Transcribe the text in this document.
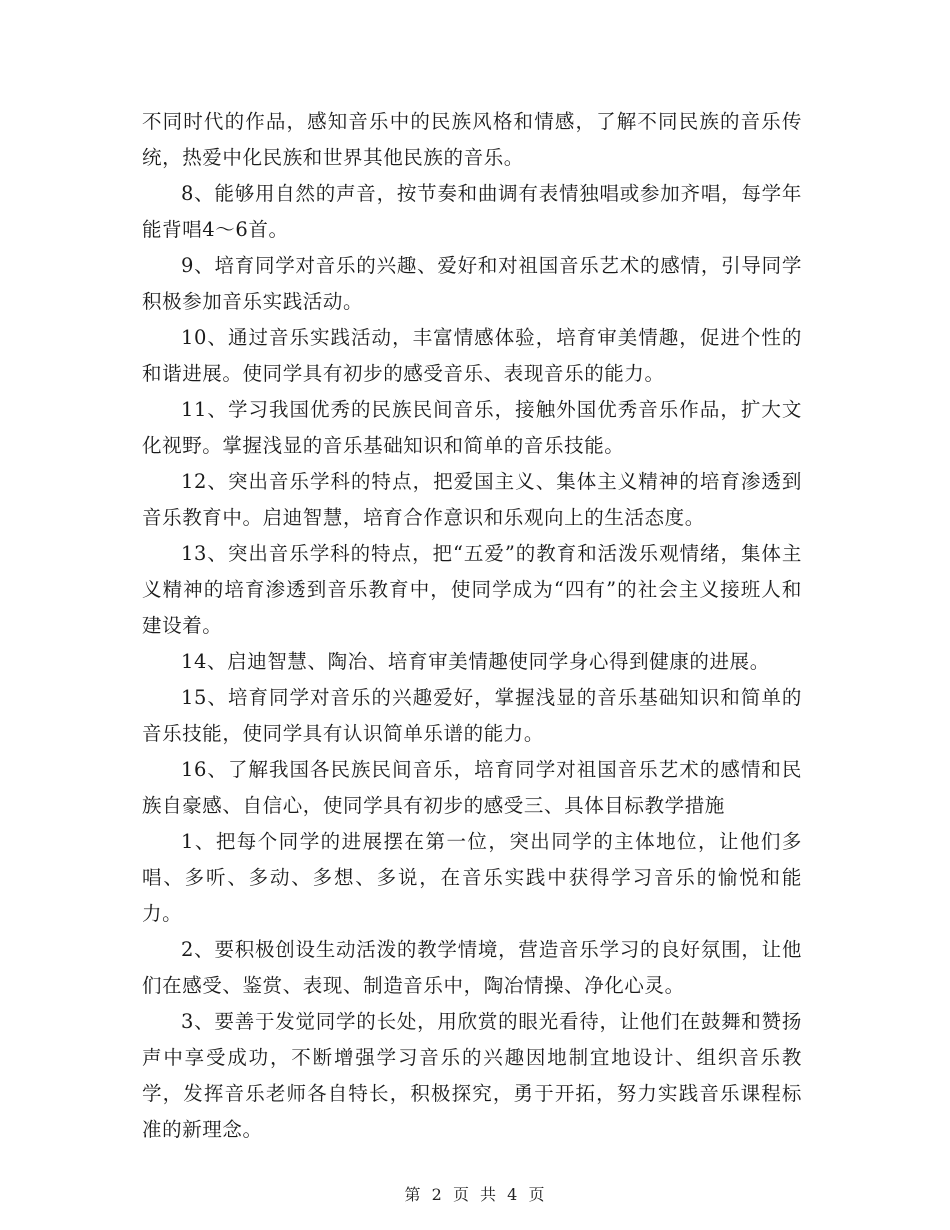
不同时代的作品，感知音乐中的民族风格和情感，了解不同民族的音乐传统，热爱中化民族和世界其他民族的音乐。

8、能够用自然的声音，按节奏和曲调有表情独唱或参加齐唱，每学年能背唱4～6首。

9、培育同学对音乐的兴趣、爱好和对祖国音乐艺术的感情，引导同学积极参加音乐实践活动。

10、通过音乐实践活动，丰富情感体验，培育审美情趣，促进个性的和谐进展。使同学具有初步的感受音乐、表现音乐的能力。

11、学习我国优秀的民族民间音乐，接触外国优秀音乐作品，扩大文化视野。掌握浅显的音乐基础知识和简单的音乐技能。

12、突出音乐学科的特点，把爱国主义、集体主义精神的培育渗透到音乐教育中。启迪智慧，培育合作意识和乐观向上的生活态度。

13、突出音乐学科的特点，把“五爱”的教育和活泼乐观情绪，集体主义精神的培育渗透到音乐教育中，使同学成为“四有”的社会主义接班人和建设着。

14、启迪智慧、陶冶、培育审美情趣使同学身心得到健康的进展。

15、培育同学对音乐的兴趣爱好，掌握浅显的音乐基础知识和简单的音乐技能，使同学具有认识简单乐谱的能力。

16、了解我国各民族民间音乐，培育同学对祖国音乐艺术的感情和民族自豪感、自信心，使同学具有初步的感受三、具体目标教学措施

1、把每个同学的进展摆在第一位，突出同学的主体地位，让他们多唱、多听、多动、多想、多说，在音乐实践中获得学习音乐的愉悦和能力。

2、要积极创设生动活泼的教学情境，营造音乐学习的良好氛围，让他们在感受、鉴赏、表现、制造音乐中，陶冶情操、净化心灵。

3、要善于发觉同学的长处，用欣赏的眼光看待，让他们在鼓舞和赞扬声中享受成功，不断增强学习音乐的兴趣因地制宜地设计、组织音乐教学，发挥音乐老师各自特长，积极探究，勇于开拓，努力实践音乐课程标准的新理念。

第 2 页 共 4 页
